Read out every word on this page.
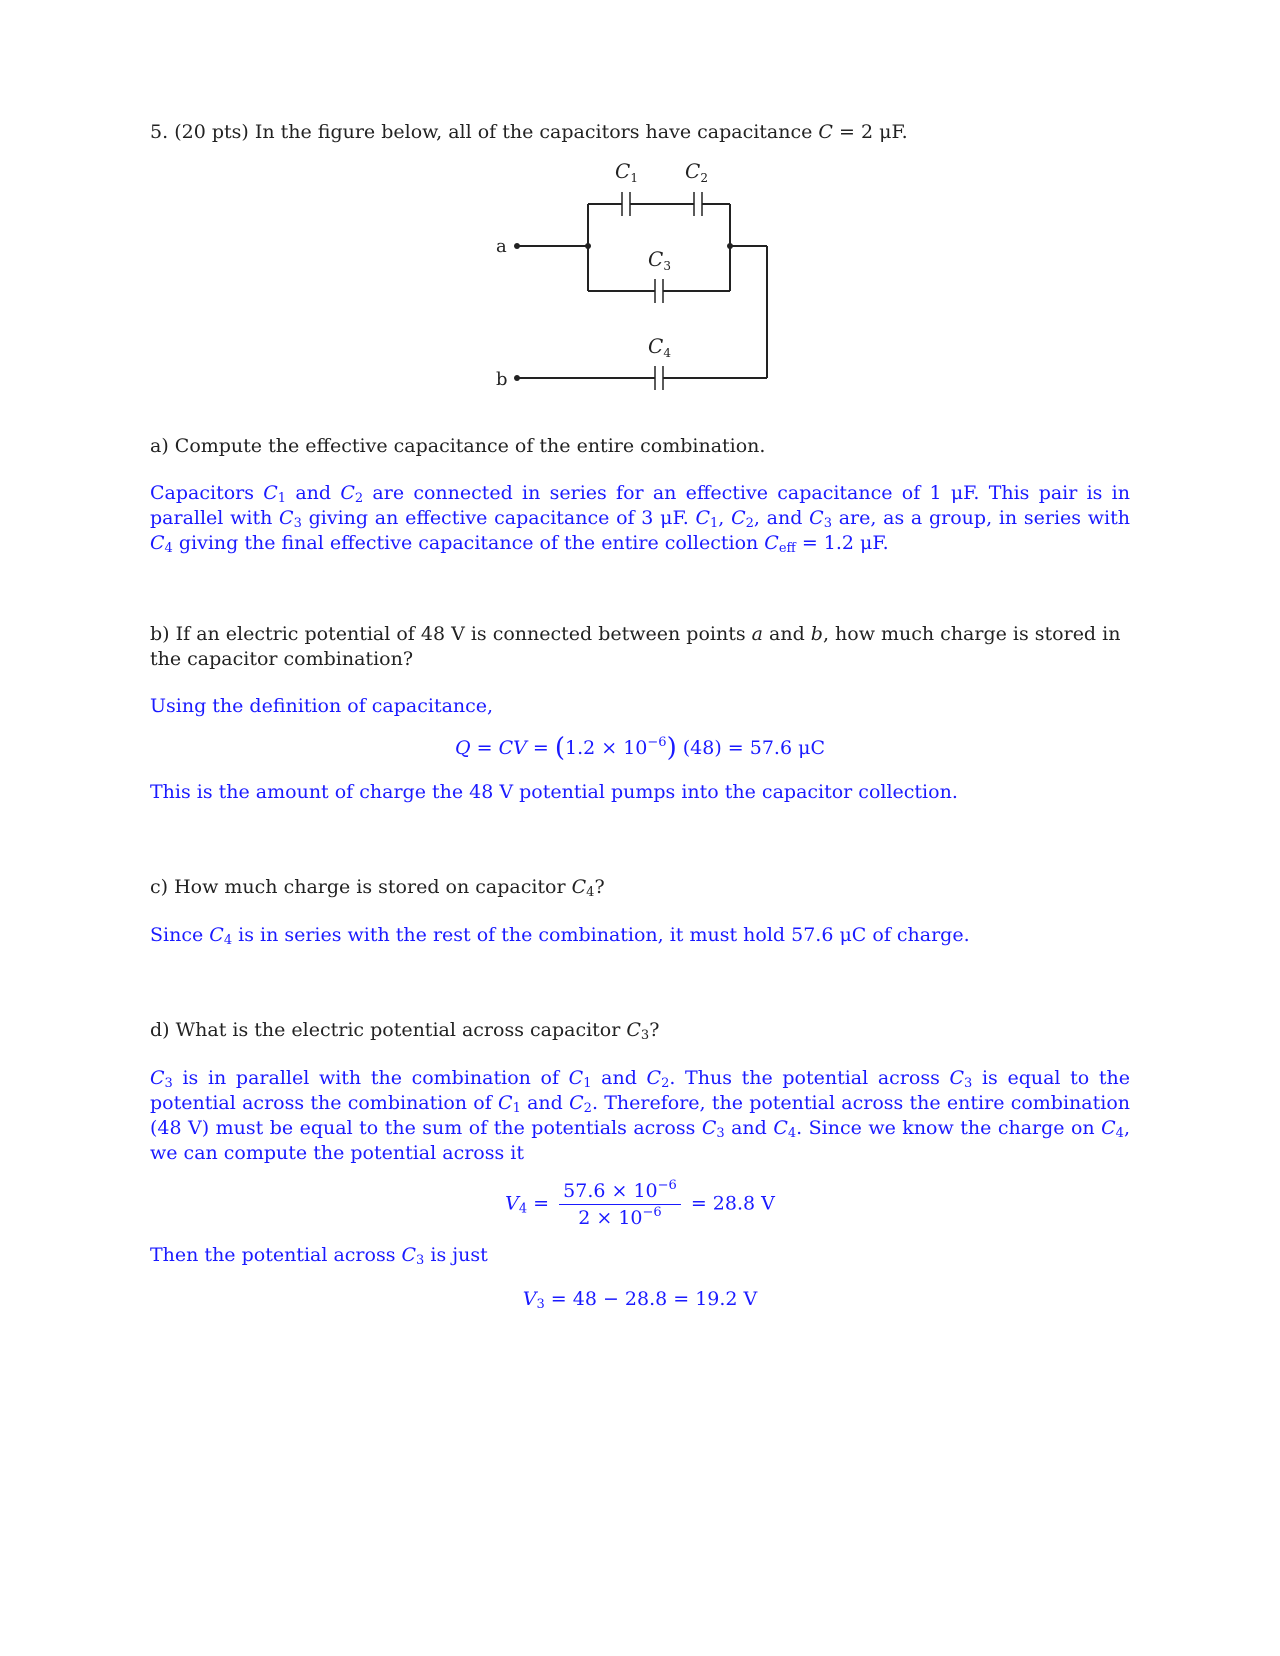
a
b
$C_1$ $C_2$
$C_3$
$C_4$

5. (20 pts) In the figure below, all of the capacitors have capacitance C = 2 μF.

a) Compute the effective capacitance of the entire combination.

Capacitors $C_1$ and $C_2$ are connected in series for an effective capacitance of 1 μF. This pair is in parallel with $C_3$ giving an effective capacitance of 3 μF. $C_1$, $C_2$, and $C_3$ are, as a group, in series with $C_4$ giving the final effective capacitance of the entire collection $C_{eff} = 1.2$ μF.

b) If an electric potential of 48 V is connected between points a and b, how much charge is stored in the capacitor combination?

Using the definition of capacitance,

Q = CV = $(1.2 \times 10^{-6})$ (48) = 57.6 μC

This is the amount of charge the 48 V potential pumps into the capacitor collection.

c) How much charge is stored on capacitor $C_4$?

Since $C_4$ is in series with the rest of the combination, it must hold 57.6 μC of charge.

d) What is the electric potential across capacitor $C_3$?

$C_3$ is in parallel with the combination of $C_1$ and $C_2$. Thus the potential across $C_3$ is equal to the potential across the combination of $C_1$ and $C_2$. Therefore, the potential across the entire combination (48 V) must be equal to the sum of the potentials across $C_3$ and $C_4$. Since we know the charge on $C_4$, we can compute the potential across it

$V_4 = \frac{57.6 \times 10^{-6}}{2 \times 10^{-6}} = 28.8$ V

Then the potential across $C_3$ is just

$V_3 = 48 - 28.8 = 19.2$ V
